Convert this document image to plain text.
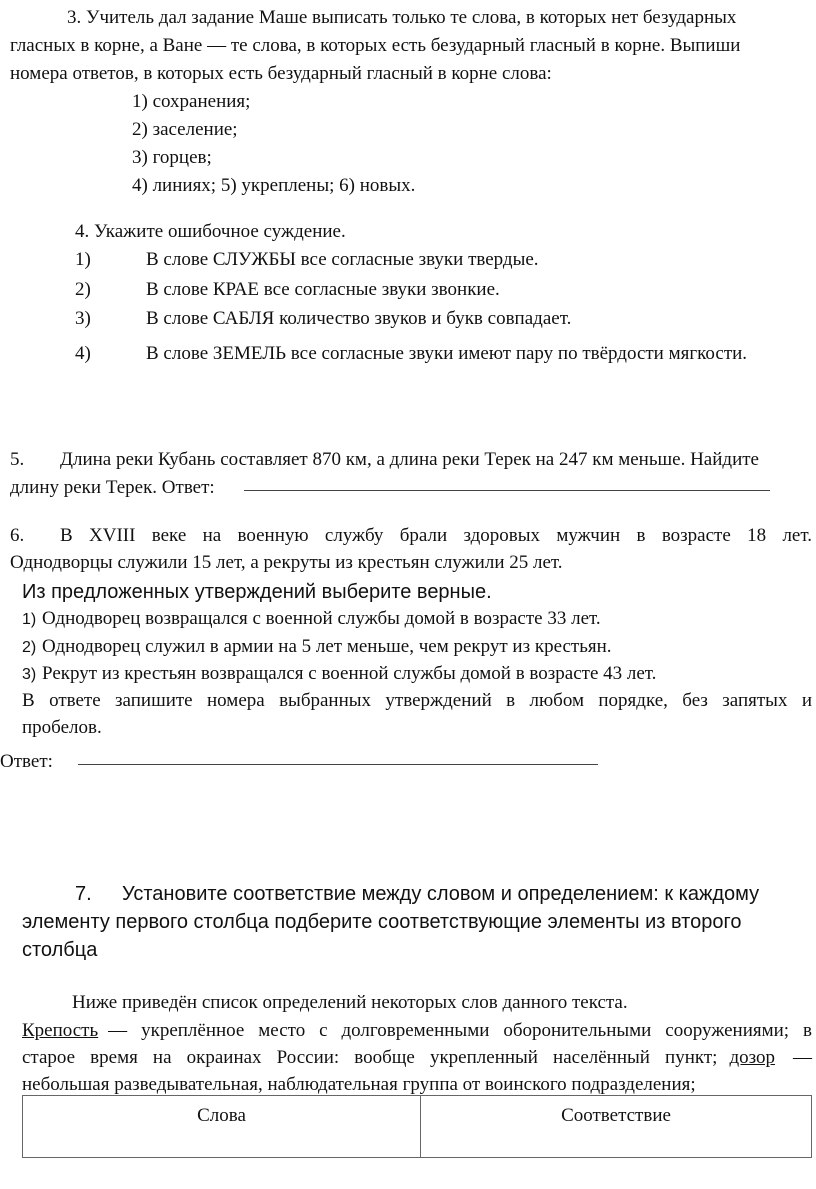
3. Учитель дал задание Маше выписать только те слова, в которых нет безударных
гласных в корне, а Ване — те слова, в которых есть безударный гласный в корне. Выпиши
номера ответов, в которых есть безударный гласный в корне слова:
1) сохранения;
2) заселение;
3) горцев;
4) линиях; 5) укреплены; 6) новых.
4. Укажите ошибочное суждение.
1)	В слове СЛУЖБЫ все согласные звуки твердые.
2)	В слове КРАЕ все согласные звуки звонкие.
3)	В слове САБЛЯ количество звуков и букв совпадает.
4)	В слове ЗЕМЕЛЬ все согласные звуки имеют пару по твёрдости мягкости.
5. Длина реки Кубань составляет 870 км, а длина реки Терек на 247 км меньше. Найдите
длину реки Терек. Ответ:
6. В XVIII веке на военную службу брали здоровых мужчин в возрасте 18 лет.
Однодворцы служили 15 лет, а рекруты из крестьян служили 25 лет.
Из предложенных утверждений выберите верные.
1) Однодворец возвращался с военной службы домой в возрасте 33 лет.
2) Однодворец служил в армии на 5 лет меньше, чем рекрут из крестьян.
3) Рекрут из крестьян возвращался с военной службы домой в возрасте 43 лет.
В ответе запишите номера выбранных утверждений в любом порядке, без запятых и
пробелов.
Ответ:
7. Установите соответствие между словом и определением: к каждому
элементу первого столбца подберите соответствующие элементы из второго
столбца
Ниже приведён список определений некоторых слов данного текста.
Крепость — укреплённое место с долговременными оборонительными сооружениями; в
старое время на окраинах России: вообще укрепленный населённый пункт; дозор —
небольшая разведывательная, наблюдательная группа от воинского подразделения;
Слова	Соответствие
